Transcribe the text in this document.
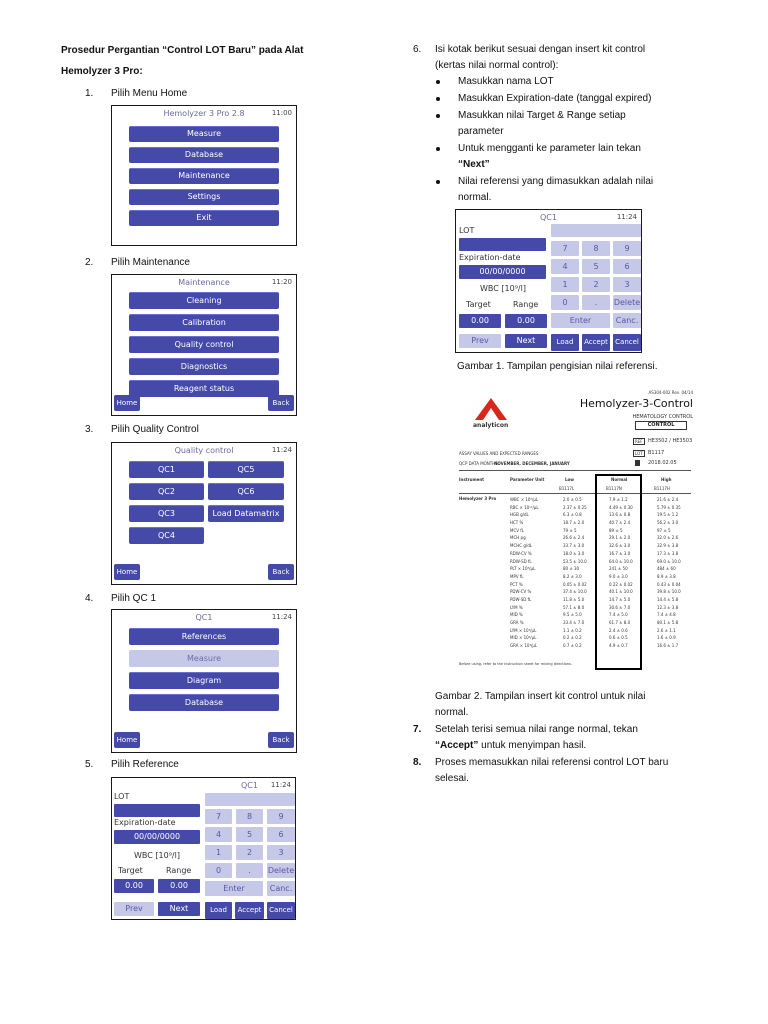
Prosedur Pergantian “Control LOT Baru” pada Alat Hemolyzer 3 Pro:
1. Pilih Menu Home
Hemolyzer 3 Pro 2.8	11:00
Measure
Database
Maintenance
Settings
Exit
2. Pilih Maintenance
Maintenance	11:20
Cleaning
Calibration
Quality control
Diagnostics
Reagent status
Home	Back
3. Pilih Quality Control
Quality control	11:24
QC1	QC5
QC2	QC6
QC3	Load Datamatrix
QC4
Home	Back
4. Pilih QC 1
QC1	11:24
References
Measure
Diagram
Database
Home	Back
5. Pilih Reference
QC1 11:24
LOT
Expiration-date
00/00/0000
WBC [10⁹/l]
Target	Range
0.00	0.00
7	8	9
4	5	6
1	2	3
0	.	Delete
Enter	Canc.
Prev	Next	Load	Accept	Cancel
6. Isi kotak berikut sesuai dengan insert kit control
(kertas nilai normal control):
Masukkan nama LOT
Masukkan Expiration-date (tanggal expired)
Masukkan nilai Target & Range setiap
parameter
Untuk mengganti ke parameter lain tekan
“Next”
Nilai referensi yang dimasukkan adalah nilai
normal.
QC1	11:24
LOT
Expiration-date
00/00/0000
WBC [10⁹/l]
Target	Range
0.00	0.00
7	8	9
4	5	6
1	2	3
0	.	Delete
Enter	Canc.
Prev	Next	Load	Accept	Cancel
Gambar 1. Tampilan pengisian nilai referensi.
AS304-002 Rev. 04/14
analyticon
Hemolyzer-3-Control
HEMATOLOGY CONTROL
CONTROL
REF	HE3502 / HE3503
LOT	B1117
2018.02.05
ASSAY VALUES AND EXPECTED RANGES
QCP DATA MONTHS:
NOVEMBER, DECEMBER, JANUARY
Instrument	Parameter Unit	Low	Normal	High
B1117L	B1117N	B1117H
Hemolyzer 3 Pro	WBC × 10⁹/µL	2.0 ± 0.5	7.9 ± 1.2	21.6 ± 2.4
RBC × 10¹²/µL	2.37 ± 0.25	4.49 ± 0.30	5.79 ± 0.35
HGB g/dL	6.3 ± 0.8	13.6 ± 0.8	19.5 ± 1.2
HCT %	18.7 ± 2.0	40.7 ± 2.4	56.2 ± 3.0
MCV fL	79 ± 5	89 ± 5	97 ± 5
MCH pg	26.6 ± 2.4	29.1 ± 2.0	32.0 ± 2.6
MCHC g/dL	33.7 ± 3.0	32.6 ± 3.0	32.9 ± 3.8
RDW-CV %	18.0 ± 3.0	16.7 ± 3.0	17.3 ± 3.8
RDW-SD fL	53.5 ± 10.0	64.0 ± 10.0	69.0 ± 10.0
PLT × 10³/µL	80 ± 30	241 ± 50	484 ± 60
MPV fL	8.2 ± 3.0	9.0 ± 3.0	8.9 ± 3.8
PCT %	0.05 ± 0.02	0.22 ± 0.02	0.43 ± 0.04
PDW-CV %	37.4 ± 10.0	40.1 ± 10.0	39.8 ± 10.0
PDW-SD fL	11.8 ± 5.0	14.7 ± 5.0	14.4 ± 5.8
LYM %	57.1 ± 8.0	30.6 ± 7.0	12.3 ± 3.8
MID %	9.5 ± 5.0	7.4 ± 5.0	7.4 ± 4.8
GRA %	33.4 ± 7.0	61.7 ± 8.0	80.1 ± 5.8
LYM × 10³/µL	1.1 ± 0.2	2.4 ± 0.6	2.6 ± 1.1
MID × 10³/µL	0.2 ± 0.2	0.6 ± 0.5	1.6 ± 0.9
GRA × 10³/µL	0.7 ± 0.2	4.9 ± 0.7	16.6 ± 1.7
Before using, refer to the instruction sheet for mixing directions.
Gambar 2. Tampilan insert kit control untuk nilai
normal.
7. Setelah terisi semua nilai range normal, tekan
“Accept” untuk menyimpan hasil.
8. Proses memasukkan nilai referensi control LOT baru
selesai.
